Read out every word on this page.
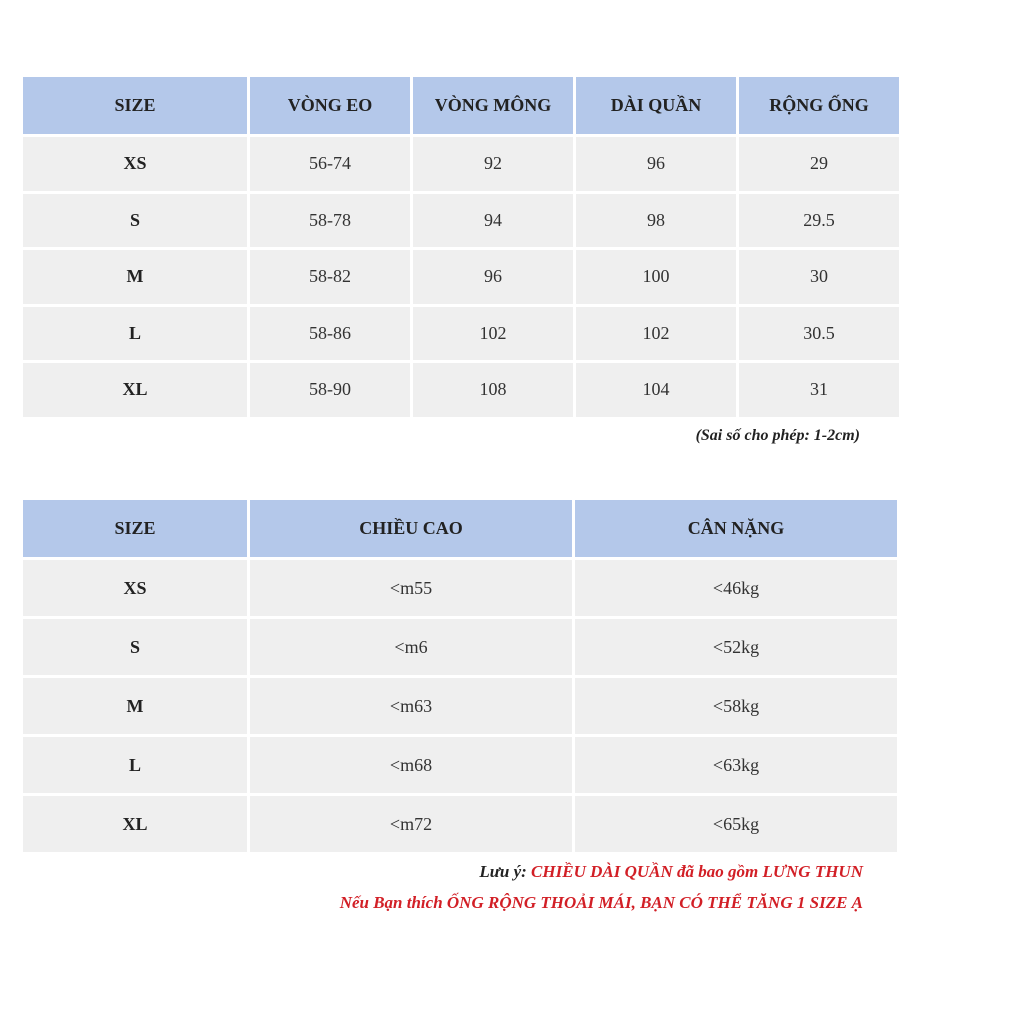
SIZE	VÒNG EO	VÒNG MÔNG	DÀI QUẦN	RỘNG ỐNG
XS	56-74	92	96	29
S	58-78	94	98	29.5
M	58-82	96	100	30
L	58-86	102	102	30.5
XL	58-90	108	104	31
(Sai số cho phép: 1-2cm)
SIZE	CHIỀU CAO	CÂN NẶNG
XS	<m55	<46kg
S	<m6	<52kg
M	<m63	<58kg
L	<m68	<63kg
XL	<m72	<65kg
Lưu ý: CHIỀU DÀI QUẦN đã bao gồm LƯNG THUN
Nếu Bạn thích ỐNG RỘNG THOẢI MÁI, BẠN CÓ THỂ TĂNG 1 SIZE Ạ
